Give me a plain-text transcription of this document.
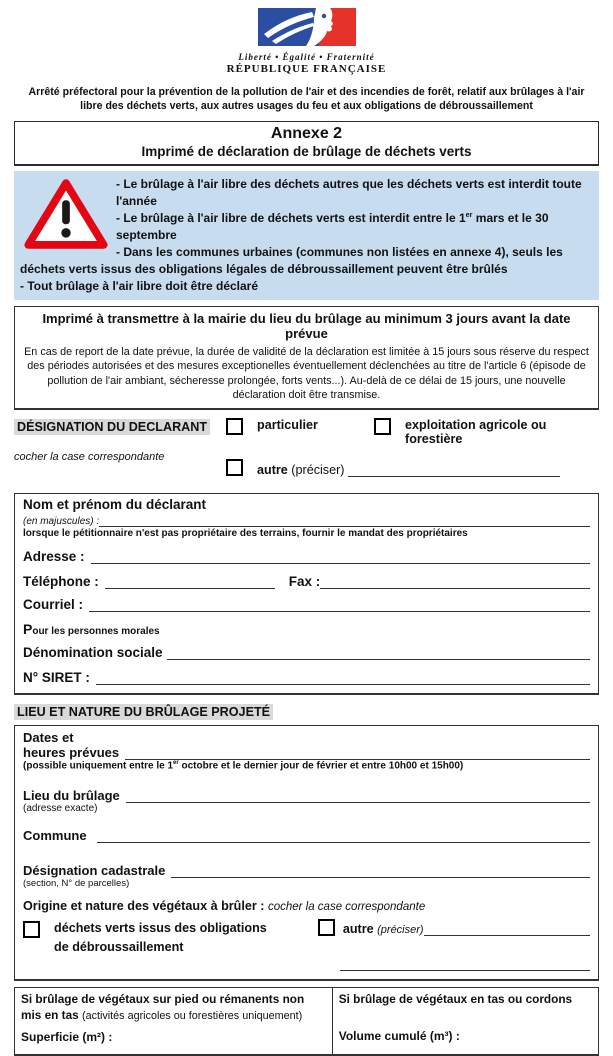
Liberté • Égalité • Fraternité
RÉPUBLIQUE FRANÇAISE
Arrêté préfectoral pour la prévention de la pollution de l'air et des incendies de forêt, relatif aux brûlages à l'air libre des déchets verts, aux autres usages du feu et aux obligations de débroussaillement
Annexe 2
Imprimé de déclaration de brûlage de déchets verts
- Le brûlage à l'air libre des déchets autres que les déchets verts est interdit toute l'année
- Le brûlage à l'air libre de déchets verts est interdit entre le 1er mars et le 30 septembre
- Dans les communes urbaines (communes non listées en annexe 4), seuls les déchets verts issus des obligations légales de débroussaillement peuvent être brûlés
- Tout brûlage à l'air libre doit être déclaré
Imprimé à transmettre à la mairie du lieu du brûlage au minimum 3 jours avant la date prévue
En cas de report de la date prévue, la durée de validité de la déclaration est limitée à 15 jours sous réserve du respect des périodes autorisées et des mesures exceptionelles éventuellement déclenchées au titre de l'article 6 (épisode de pollution de l'air ambiant, sécheresse prolongée, forts vents...). Au-delà de ce délai de 15 jours, une nouvelle déclaration doit être transmise.
DÉSIGNATION DU DECLARANT
cocher la case correspondante
particulier	exploitation agricole ou forestière
autre (préciser)
Nom et prénom du déclarant
(en majuscules) :
lorsque le pétitionnaire n'est pas propriétaire des terrains, fournir le mandat des propriétaires
Adresse :
Téléphone :	Fax :
Courriel :
Pour les personnes morales
Dénomination sociale
N° SIRET :
LIEU ET NATURE DU BRÛLAGE PROJETÉ
Dates et
heures prévues
(possible uniquement entre le 1er octobre et le dernier jour de février et entre 10h00 et 15h00)
Lieu du brûlage
(adresse exacte)
Commune
Désignation cadastrale
(section, N° de parcelles)
Origine et nature des végétaux à brûler : cocher la case correspondante
déchets verts issus des obligations de débroussaillement
autre (préciser)
Si brûlage de végétaux sur pied ou rémanents non mis en tas (activités agricoles ou forestières uniquement)
Superficie (m²) :
Si brûlage de végétaux en tas ou cordons
Volume cumulé (m³) :
